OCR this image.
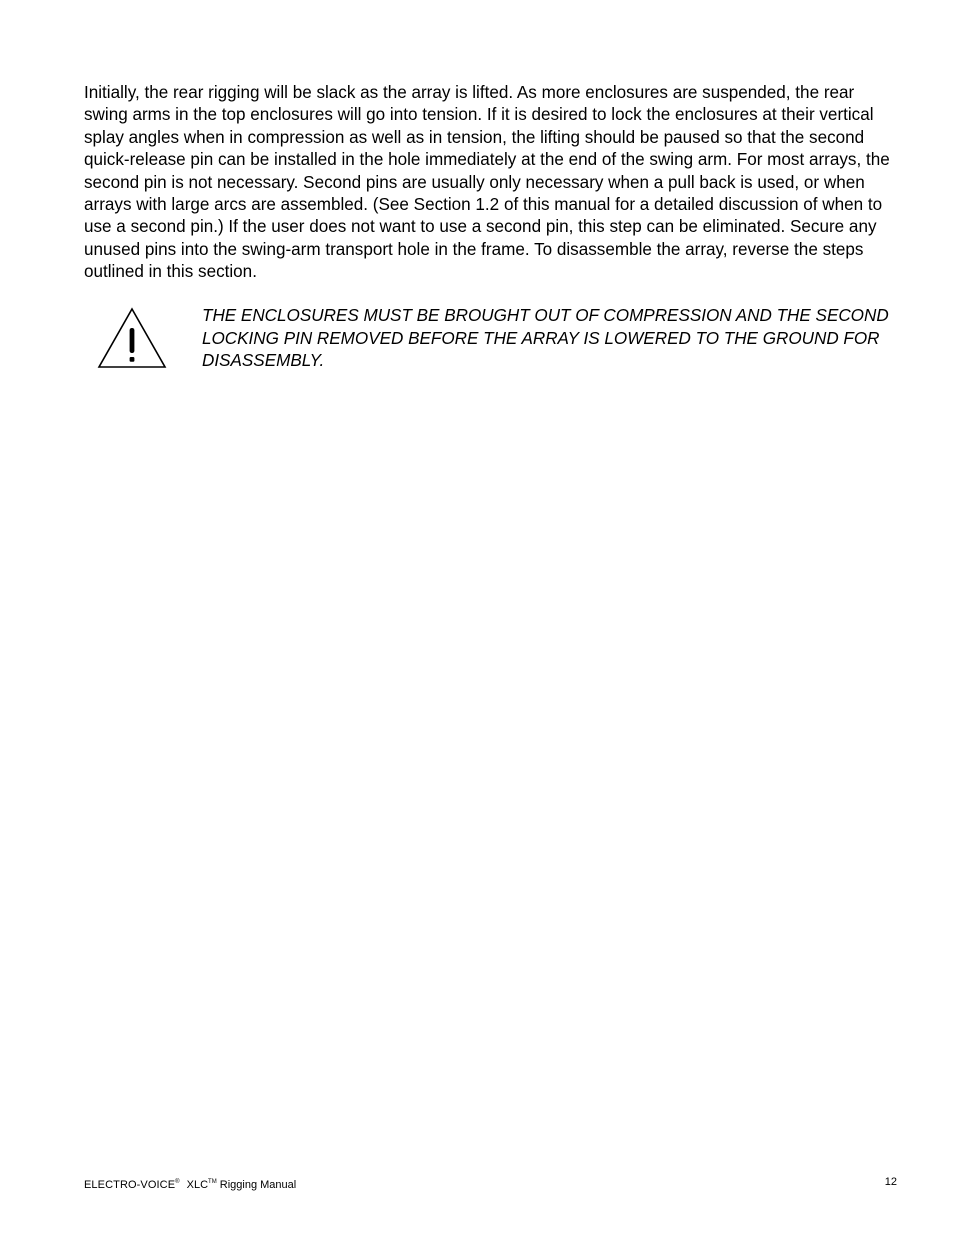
Initially, the rear rigging will be slack as the array is lifted. As more enclosures are suspended, the rear swing arms in the top enclosures will go into tension. If it is desired to lock the enclosures at their vertical splay angles when in compression as well as in tension, the lifting should be paused so that the second quick-release pin can be installed in the hole immediately at the end of the swing arm. For most arrays, the second pin is not necessary. Second pins are usually only necessary when a pull back is used, or when arrays with large arcs are assembled. (See Section 1.2 of this manual for a detailed discussion of when to use a second pin.) If the user does not want to use a second pin, this step can be eliminated. Secure any unused pins into the swing-arm transport hole in the frame. To disassemble the array, reverse the steps outlined in this section.

THE ENCLOSURES MUST BE BROUGHT OUT OF COMPRESSION AND THE SECOND LOCKING PIN REMOVED BEFORE THE ARRAY IS LOWERED TO THE GROUND FOR DISASSEMBLY.

ELECTRO-VOICE® XLC™ Rigging Manual	12
